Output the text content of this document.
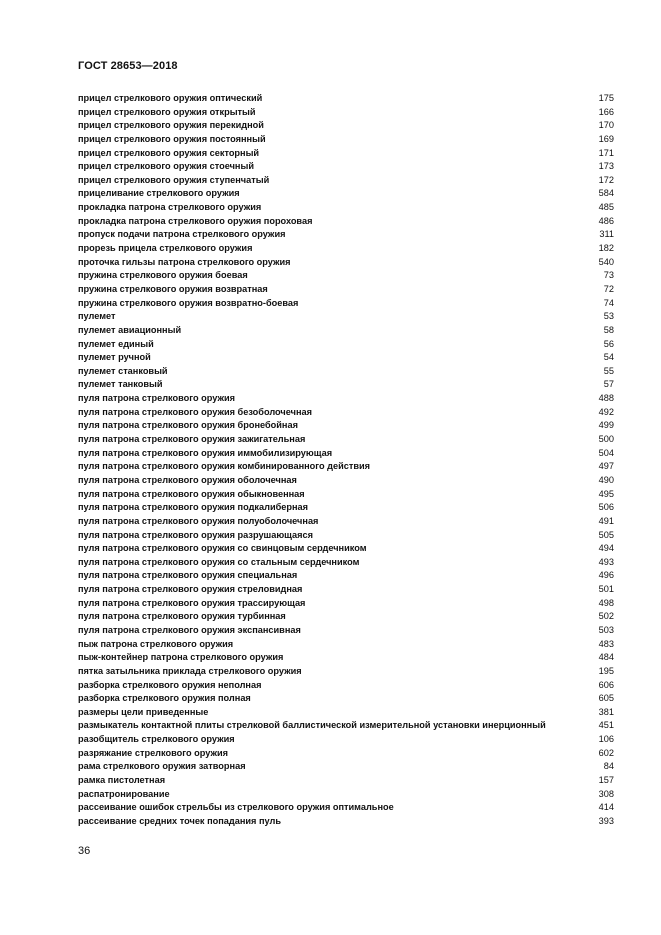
ГОСТ 28653—2018
прицел стрелкового оружия оптический	175
прицел стрелкового оружия открытый	166
прицел стрелкового оружия перекидной	170
прицел стрелкового оружия постоянный	169
прицел стрелкового оружия секторный	171
прицел стрелкового оружия стоечный	173
прицел стрелкового оружия ступенчатый	172
прицеливание стрелкового оружия	584
прокладка патрона стрелкового оружия	485
прокладка патрона стрелкового оружия пороховая	486
пропуск подачи патрона стрелкового оружия	311
прорезь прицела стрелкового оружия	182
проточка гильзы патрона стрелкового оружия	540
пружина стрелкового оружия боевая	73
пружина стрелкового оружия возвратная	72
пружина стрелкового оружия возвратно-боевая	74
пулемет	53
пулемет авиационный	58
пулемет единый	56
пулемет ручной	54
пулемет станковый	55
пулемет танковый	57
пуля патрона стрелкового оружия	488
пуля патрона стрелкового оружия безоболочечная	492
пуля патрона стрелкового оружия бронебойная	499
пуля патрона стрелкового оружия зажигательная	500
пуля патрона стрелкового оружия иммобилизирующая	504
пуля патрона стрелкового оружия комбинированного действия	497
пуля патрона стрелкового оружия оболочечная	490
пуля патрона стрелкового оружия обыкновенная	495
пуля патрона стрелкового оружия подкалиберная	506
пуля патрона стрелкового оружия полуоболочечная	491
пуля патрона стрелкового оружия разрушающаяся	505
пуля патрона стрелкового оружия со свинцовым сердечником	494
пуля патрона стрелкового оружия со стальным сердечником	493
пуля патрона стрелкового оружия специальная	496
пуля патрона стрелкового оружия стреловидная	501
пуля патрона стрелкового оружия трассирующая	498
пуля патрона стрелкового оружия турбинная	502
пуля патрона стрелкового оружия экспансивная	503
пыж патрона стрелкового оружия	483
пыж-контейнер патрона стрелкового оружия	484
пятка затыльника приклада стрелкового оружия	195
разборка стрелкового оружия неполная	606
разборка стрелкового оружия полная	605
размеры цели приведенные	381
размыкатель контактной плиты стрелковой баллистической измерительной установки инерционный	451
разобщитель стрелкового оружия	106
разряжание стрелкового оружия	602
рама стрелкового оружия затворная	84
рамка пистолетная	157
распатронирование	308
рассеивание ошибок стрельбы из стрелкового оружия оптимальное	414
рассеивание средних точек попадания пуль	393
36
